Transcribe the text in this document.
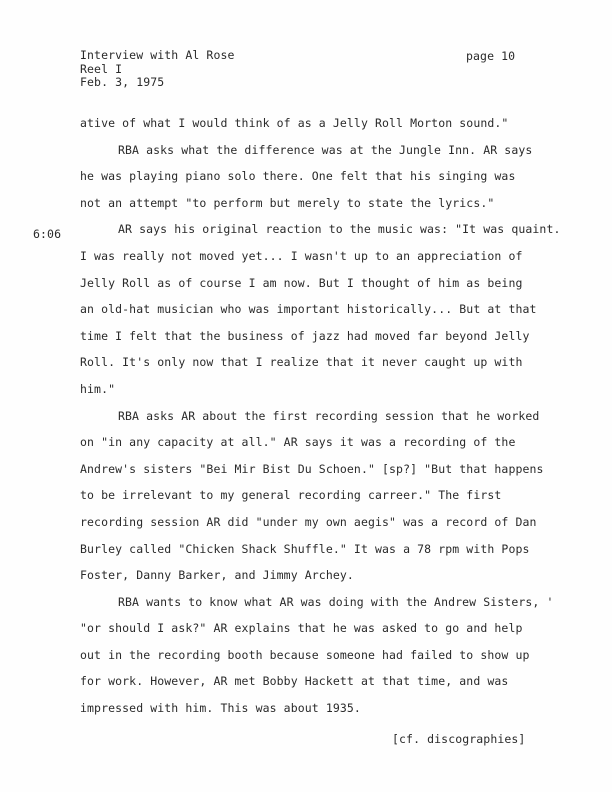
Interview with Al Rose
Reel I
Feb. 3, 1975
page 10
ative of what I would think of as a Jelly Roll Morton sound."
RBA asks what the difference was at the Jungle Inn. AR says
he was playing piano solo there. One felt that his singing was
not an attempt "to perform but merely to state the lyrics."
AR says his original reaction to the music was: "It was quaint.
I was really not moved yet... I wasn't up to an appreciation of
Jelly Roll as of course I am now. But I thought of him as being
an old-hat musician who was important historically... But at that
time I felt that the business of jazz had moved far beyond Jelly
Roll. It's only now that I realize that it never caught up with
him."
RBA asks AR about the first recording session that he worked
on "in any capacity at all." AR says it was a recording of the
Andrew's sisters "Bei Mir Bist Du Schoen." [sp?] "But that happens
to be irrelevant to my general recording carreer." The first
recording session AR did "under my own aegis" was a record of Dan
Burley called "Chicken Shack Shuffle." It was a 78 rpm with Pops
Foster, Danny Barker, and Jimmy Archey.
RBA wants to know what AR was doing with the Andrew Sisters, '
"or should I ask?" AR explains that he was asked to go and help
out in the recording booth because someone had failed to show up
for work. However, AR met Bobby Hackett at that time, and was
impressed with him. This was about 1935.
6:06
[cf. discographies]
